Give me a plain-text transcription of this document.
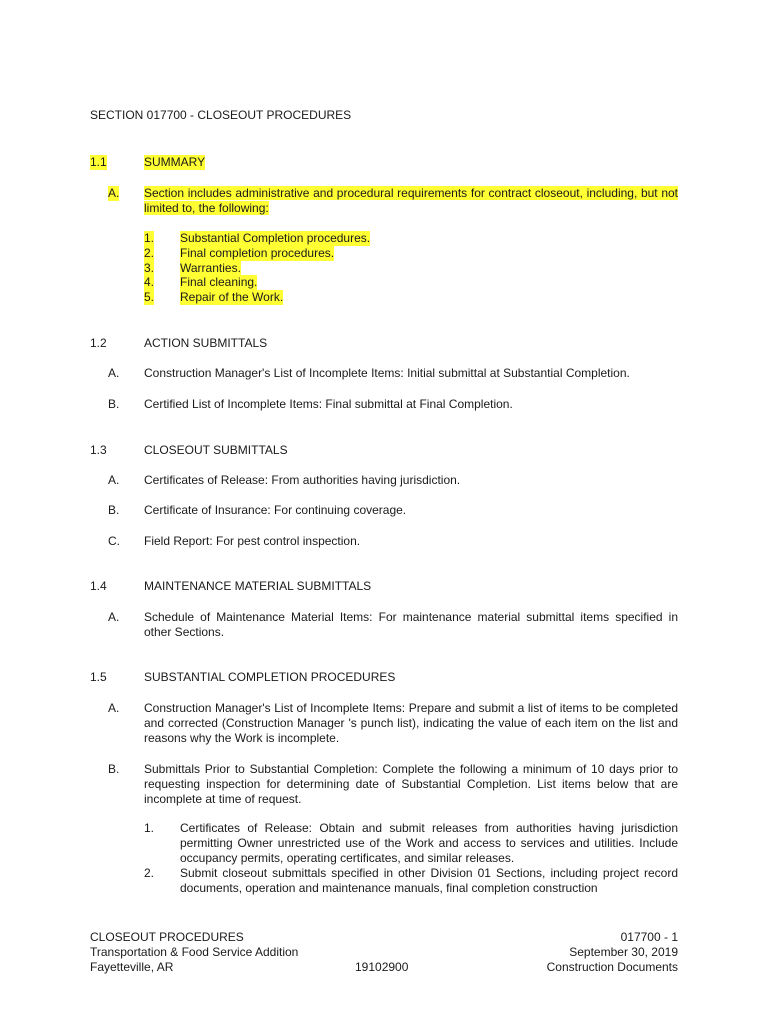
SECTION 017700 - CLOSEOUT PROCEDURES
1.1	SUMMARY
A. Section includes administrative and procedural requirements for contract closeout, including, but not limited to, the following:
1. Substantial Completion procedures.
2. Final completion procedures.
3. Warranties.
4. Final cleaning.
5. Repair of the Work.
1.2	ACTION SUBMITTALS
A. Construction Manager's List of Incomplete Items: Initial submittal at Substantial Completion.
B. Certified List of Incomplete Items: Final submittal at Final Completion.
1.3	CLOSEOUT SUBMITTALS
A. Certificates of Release: From authorities having jurisdiction.
B. Certificate of Insurance: For continuing coverage.
C. Field Report: For pest control inspection.
1.4	MAINTENANCE MATERIAL SUBMITTALS
A. Schedule of Maintenance Material Items: For maintenance material submittal items specified in other Sections.
1.5	SUBSTANTIAL COMPLETION PROCEDURES
A. Construction Manager's List of Incomplete Items: Prepare and submit a list of items to be completed and corrected (Construction Manager 's punch list), indicating the value of each item on the list and reasons why the Work is incomplete.
B. Submittals Prior to Substantial Completion: Complete the following a minimum of 10 days prior to requesting inspection for determining date of Substantial Completion. List items below that are incomplete at time of request.
1. Certificates of Release: Obtain and submit releases from authorities having jurisdiction permitting Owner unrestricted use of the Work and access to services and utilities. Include occupancy permits, operating certificates, and similar releases.
2. Submit closeout submittals specified in other Division 01 Sections, including project record documents, operation and maintenance manuals, final completion construction
CLOSEOUT PROCEDURES
Transportation & Food Service Addition
Fayetteville, AR	19102900
017700 - 1
September 30, 2019
Construction Documents
